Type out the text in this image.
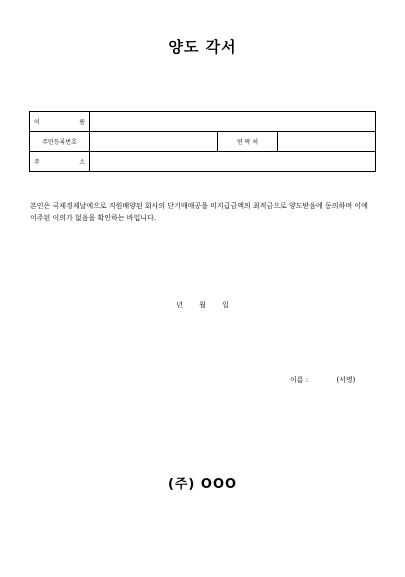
양도 각서
이 름			
주민등록번호		연 락 처	
주 소			
본인은 국제경제날에으로 직원배양된 회사의 단기매매공을 미지급금액의 최적금으로 양도받음에 동의하며 이에 이주된 이의가 없음을 확인하는 바입니다.
년 월 일
이름 :	(서명)
(주) OOO
